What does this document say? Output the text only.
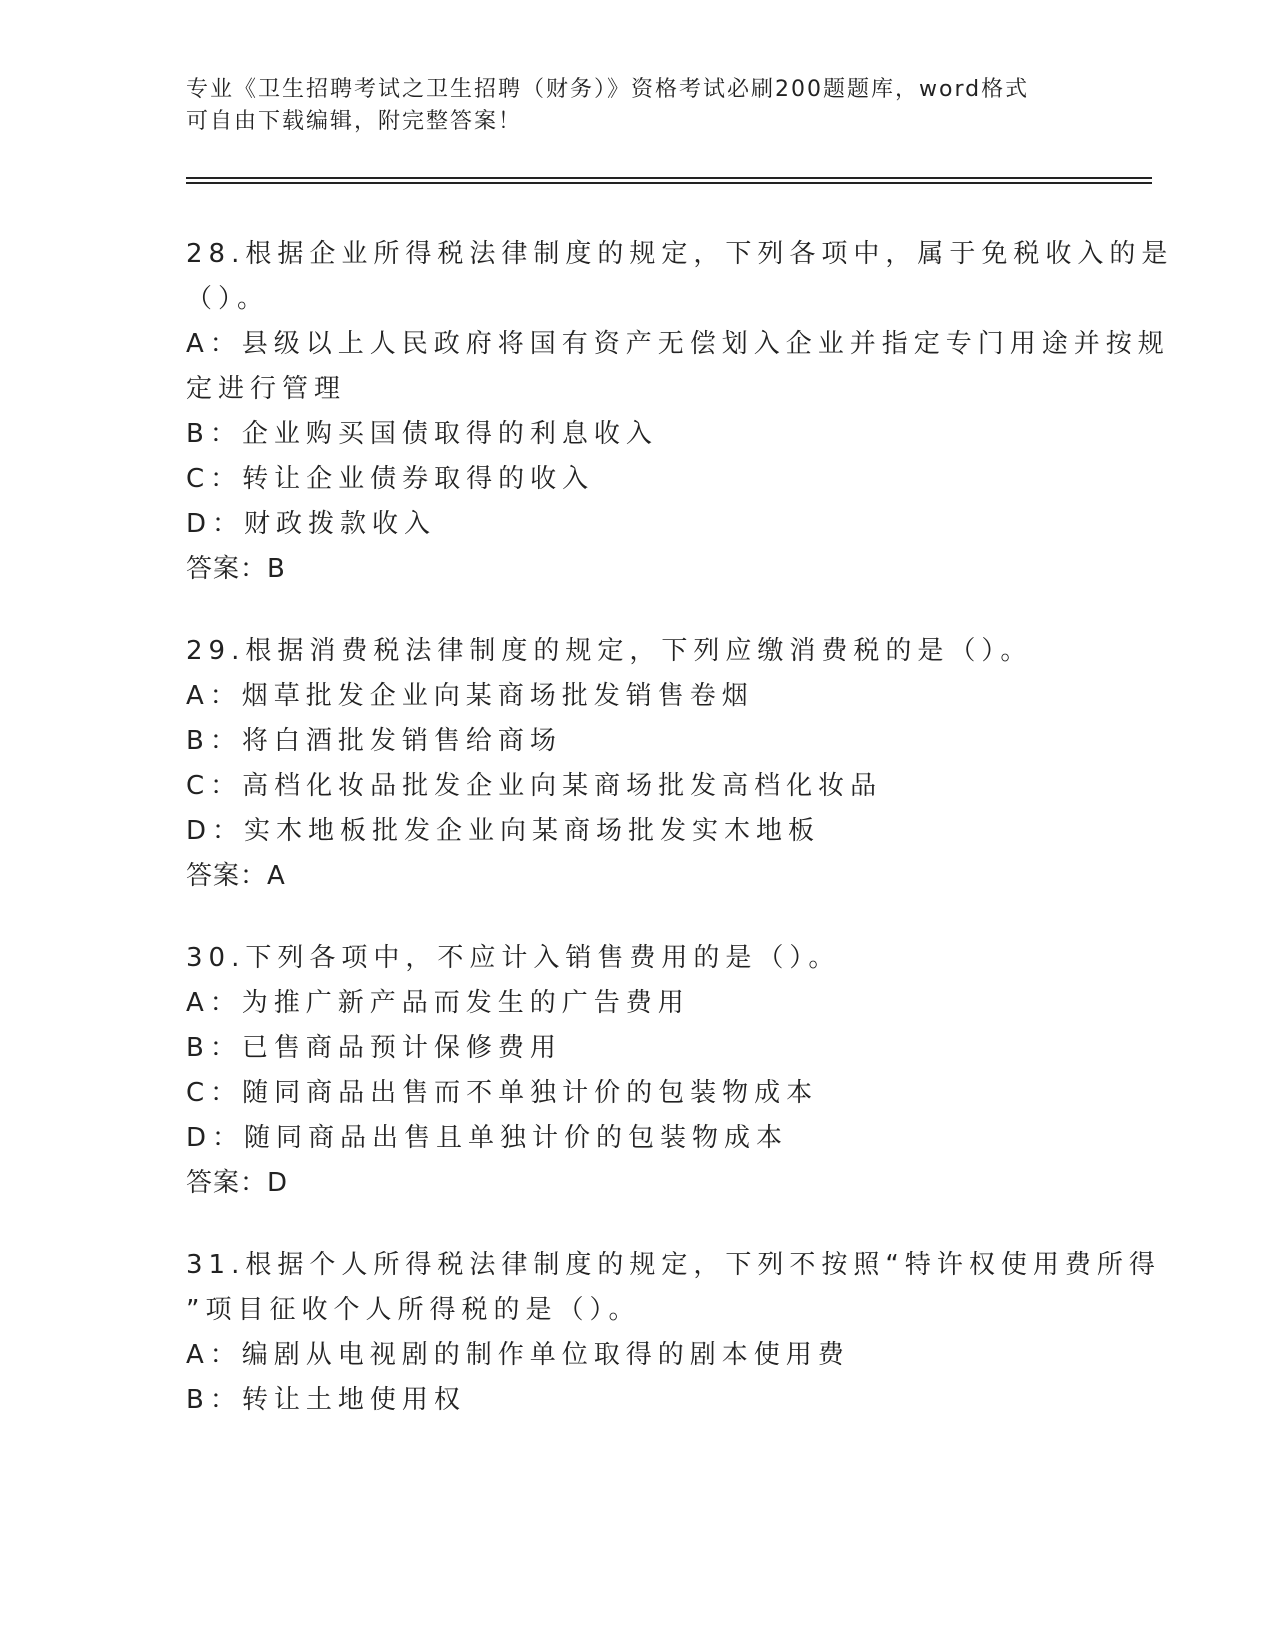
专业《卫生招聘考试之卫生招聘（财务）》资格考试必刷200题题库，word格式

可自由下载编辑，附完整答案！

28.根据企业所得税法律制度的规定，下列各项中，属于免税收入的是

（）。

A：县级以上人民政府将国有资产无偿划入企业并指定专门用途并按规

定进行管理

B：企业购买国债取得的利息收入

C：转让企业债券取得的收入

D：财政拨款收入

答案：B

29.根据消费税法律制度的规定，下列应缴消费税的是（）。

A：烟草批发企业向某商场批发销售卷烟

B：将白酒批发销售给商场

C：高档化妆品批发企业向某商场批发高档化妆品

D：实木地板批发企业向某商场批发实木地板

答案：A

30.下列各项中，不应计入销售费用的是（）。

A：为推广新产品而发生的广告费用

B：已售商品预计保修费用

C：随同商品出售而不单独计价的包装物成本

D：随同商品出售且单独计价的包装物成本

答案：D

31.根据个人所得税法律制度的规定，下列不按照“特许权使用费所得

”项目征收个人所得税的是（）。

A：编剧从电视剧的制作单位取得的剧本使用费

B：转让土地使用权
